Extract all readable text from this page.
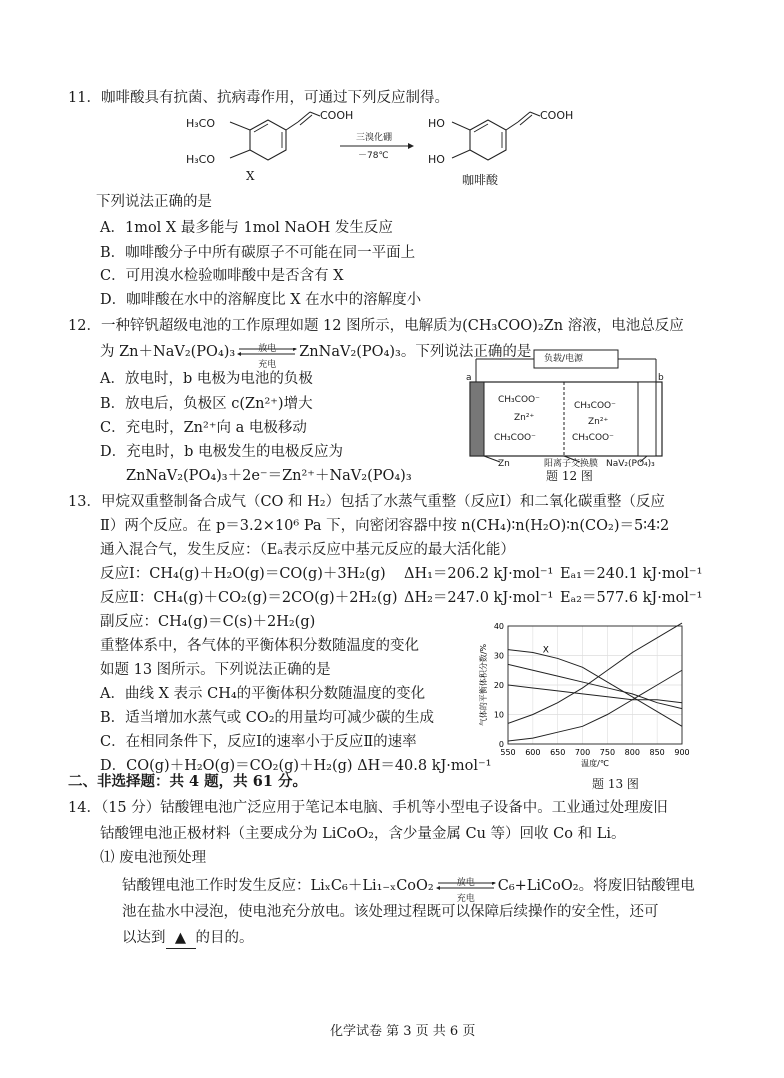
11．咖啡酸具有抗菌、抗病毒作用，可通过下列反应制得。
H₃CO
H₃CO
COOH
X
三溴化硼
－78℃
HO
HO
COOH
咖啡酸
下列说法正确的是
A．1mol X 最多能与 1mol NaOH 发生反应
B．咖啡酸分子中所有碳原子不可能在同一平面上
C．可用溴水检验咖啡酸中是否含有 X
D．咖啡酸在水中的溶解度比 X 在水中的溶解度小
12．一种锌钒超级电池的工作原理如题 12 图所示，电解质为(CH₃COO)₂Zn 溶液，电池总反应
为 Zn＋NaV₂(PO₄)₃	放电
充电
ZnNaV₂(PO₄)₃。下列说法正确的是
A．放电时，b 电极为电池的负极
B．放电后，负极区 c(Zn²⁺)增大
C．充电时，Zn²⁺向 a 电极移动
D．充电时，b 电极发生的电极反应为
ZnNaV₂(PO₄)₃＋2e⁻＝Zn²⁺＋NaV₂(PO₄)₃
负载/电源
a	b
CH₃COO⁻
Zn²⁺
CH₃COO⁻
CH₃COO⁻
Zn²⁺
CH₃COO⁻
Zn	阳离子交换膜 NaV₂(PO₄)₃
题 12 图
13．甲烷双重整制备合成气（CO 和 H₂）包括了水蒸气重整（反应Ⅰ）和二氧化碳重整（反应
Ⅱ）两个反应。在 p＝3.2×10⁶ Pa 下，向密闭容器中按 n(CH₄)∶n(H₂O)∶n(CO₂)＝5∶4∶2
通入混合气，发生反应：（Eₐ表示反应中基元反应的最大活化能）
反应Ⅰ：CH₄(g)＋H₂O(g)＝CO(g)＋3H₂(g) ΔH₁＝206.2 kJ·mol⁻¹ Eₐ₁＝240.1 kJ·mol⁻¹
反应Ⅱ：CH₄(g)＋CO₂(g)＝2CO(g)＋2H₂(g) ΔH₂＝247.0 kJ·mol⁻¹ Eₐ₂＝577.6 kJ·mol⁻¹
副反应：CH₄(g)＝C(s)＋2H₂(g)
重整体系中，各气体的平衡体积分数随温度的变化
如题 13 图所示。下列说法正确的是
A．曲线 X 表示 CH₄的平衡体积分数随温度的变化
B．适当增加水蒸气或 CO₂的用量均可减少碳的生成
C．在相同条件下，反应Ⅰ的速率小于反应Ⅱ的速率
D．CO(g)＋H₂O(g)＝CO₂(g)＋H₂(g) ΔH＝40.8 kJ·mol⁻¹
0
10
20
30
40
550 600 650 700 750 800 850 900
温度/℃
气体的平衡体积分数/%	X
题 13 图
二、非选择题：共 4 题，共 61 分。
14．（15 分）钴酸锂电池广泛应用于笔记本电脑、手机等小型电子设备中。工业通过处理废旧
钴酸锂电池正极材料（主要成分为 LiCoO₂，含少量金属 Cu 等）回收 Co 和 Li。
⑴ 废电池预处理
钴酸锂电池工作时发生反应：LiₓC₆＋Li₁₋ₓCoO₂	放电
充电
C₆+LiCoO₂。将废旧钴酸锂电
池在盐水中浸泡，使电池充分放电。该处理过程既可以保障后续操作的安全性，还可
以达到 ▲ 的目的。
化学试卷 第 3 页 共 6 页
